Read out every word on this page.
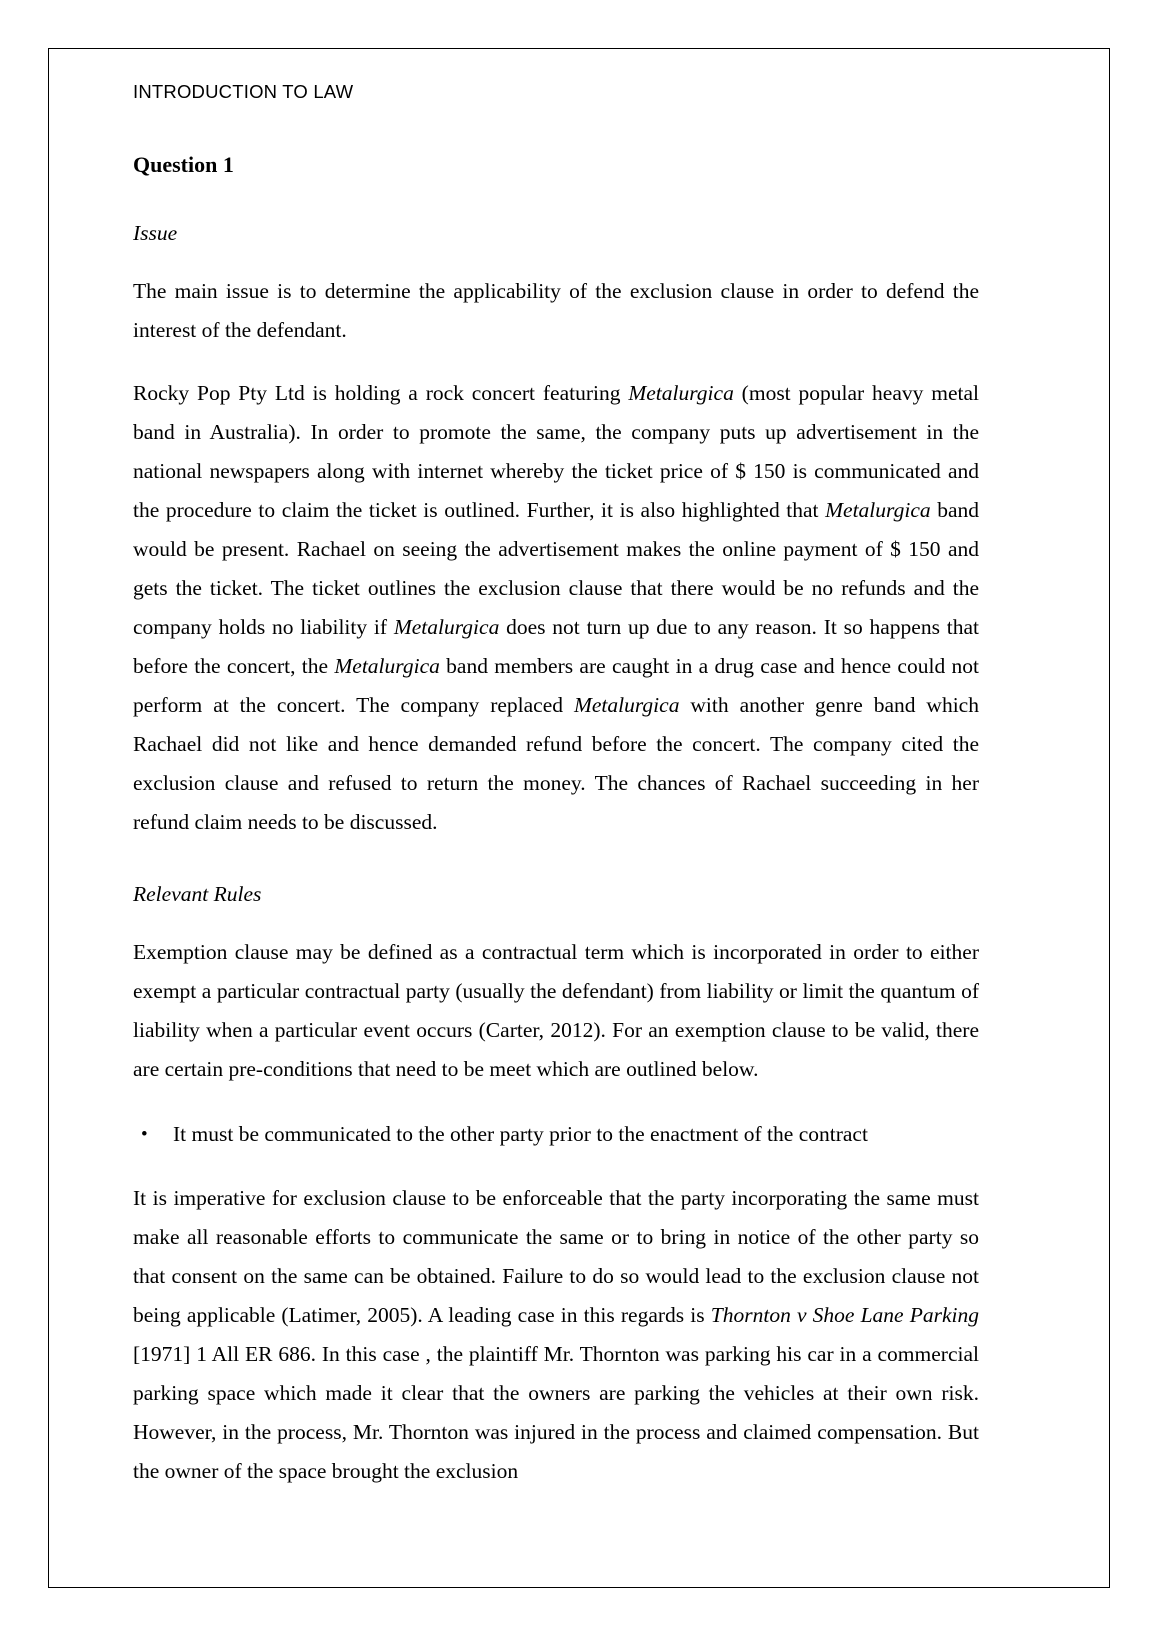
INTRODUCTION TO LAW
Question 1
Issue

The main issue is to determine the applicability of the exclusion clause in order to defend the interest of the defendant.

Rocky Pop Pty Ltd is holding a rock concert featuring Metalurgica (most popular heavy metal band in Australia). In order to promote the same, the company puts up advertisement in the national newspapers along with internet whereby the ticket price of $ 150 is communicated and the procedure to claim the ticket is outlined. Further, it is also highlighted that Metalurgica band would be present. Rachael on seeing the advertisement makes the online payment of $ 150 and gets the ticket. The ticket outlines the exclusion clause that there would be no refunds and the company holds no liability if Metalurgica does not turn up due to any reason. It so happens that before the concert, the Metalurgica band members are caught in a drug case and hence could not perform at the concert. The company replaced Metalurgica with another genre band which Rachael did not like and hence demanded refund before the concert. The company cited the exclusion clause and refused to return the money. The chances of Rachael succeeding in her refund claim needs to be discussed.

Relevant Rules

Exemption clause may be defined as a contractual term which is incorporated in order to either exempt a particular contractual party (usually the defendant) from liability or limit the quantum of liability when a particular event occurs (Carter, 2012). For an exemption clause to be valid, there are certain pre-conditions that need to be meet which are outlined below.

• It must be communicated to the other party prior to the enactment of the contract

It is imperative for exclusion clause to be enforceable that the party incorporating the same must make all reasonable efforts to communicate the same or to bring in notice of the other party so that consent on the same can be obtained. Failure to do so would lead to the exclusion clause not being applicable (Latimer, 2005). A leading case in this regards is Thornton v Shoe Lane Parking [1971] 1 All ER 686. In this case , the plaintiff Mr. Thornton was parking his car in a commercial parking space which made it clear that the owners are parking the vehicles at their own risk. However, in the process, Mr. Thornton was injured in the process and claimed compensation. But the owner of the space brought the exclusion
